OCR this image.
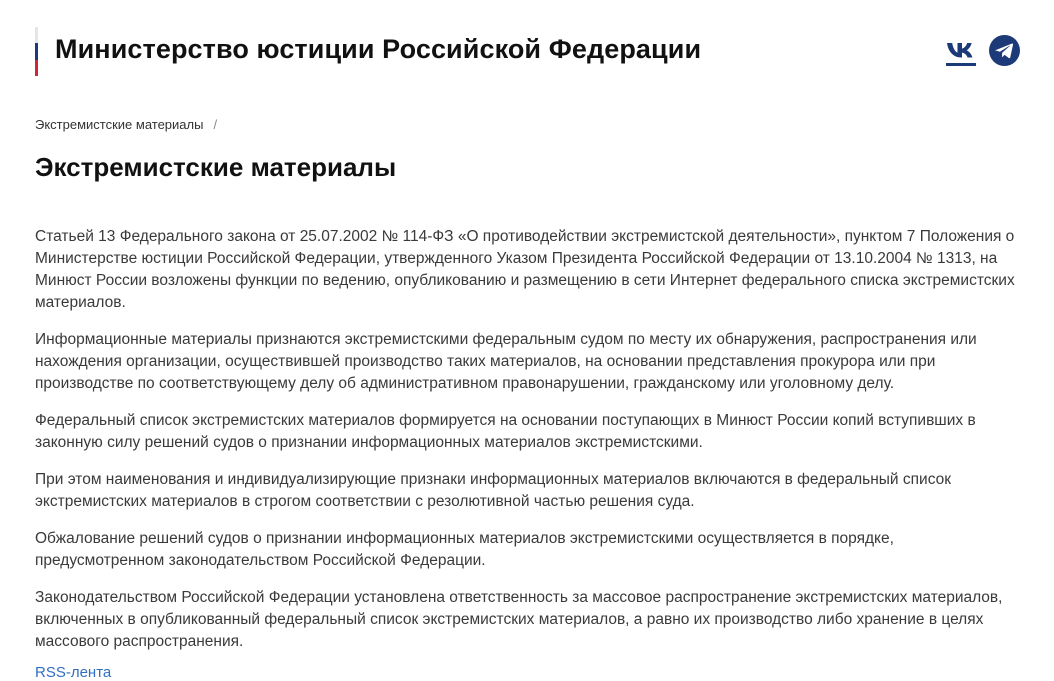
Министерство юстиции Российской Федерации
Экстремистские материалы /
Экстремистские материалы

Статьей 13 Федерального закона от 25.07.2002 № 114-ФЗ «О противодействии экстремистской деятельности», пунктом 7 Положения о Министерстве юстиции Российской Федерации, утвержденного Указом Президента Российской Федерации от 13.10.2004 № 1313, на Минюст России возложены функции по ведению, опубликованию и размещению в сети Интернет федерального списка экстремистских материалов.

Информационные материалы признаются экстремистскими федеральным судом по месту их обнаружения, распространения или нахождения организации, осуществившей производство таких материалов, на основании представления прокурора или при производстве по соответствующему делу об административном правонарушении, гражданскому или уголовному делу.

Федеральный список экстремистских материалов формируется на основании поступающих в Минюст России копий вступивших в законную силу решений судов о признании информационных материалов экстремистскими.

При этом наименования и индивидуализирующие признаки информационных материалов включаются в федеральный список экстремистских материалов в строгом соответствии с резолютивной частью решения суда.

Обжалование решений судов о признании информационных материалов экстремистскими осуществляется в порядке, предусмотренном законодательством Российской Федерации.

Законодательством Российской Федерации установлена ответственность за массовое распространение экстремистских материалов, включенных в опубликованный федеральный список экстремистских материалов, а равно их производство либо хранение в целях массового распространения.

RSS-лента
